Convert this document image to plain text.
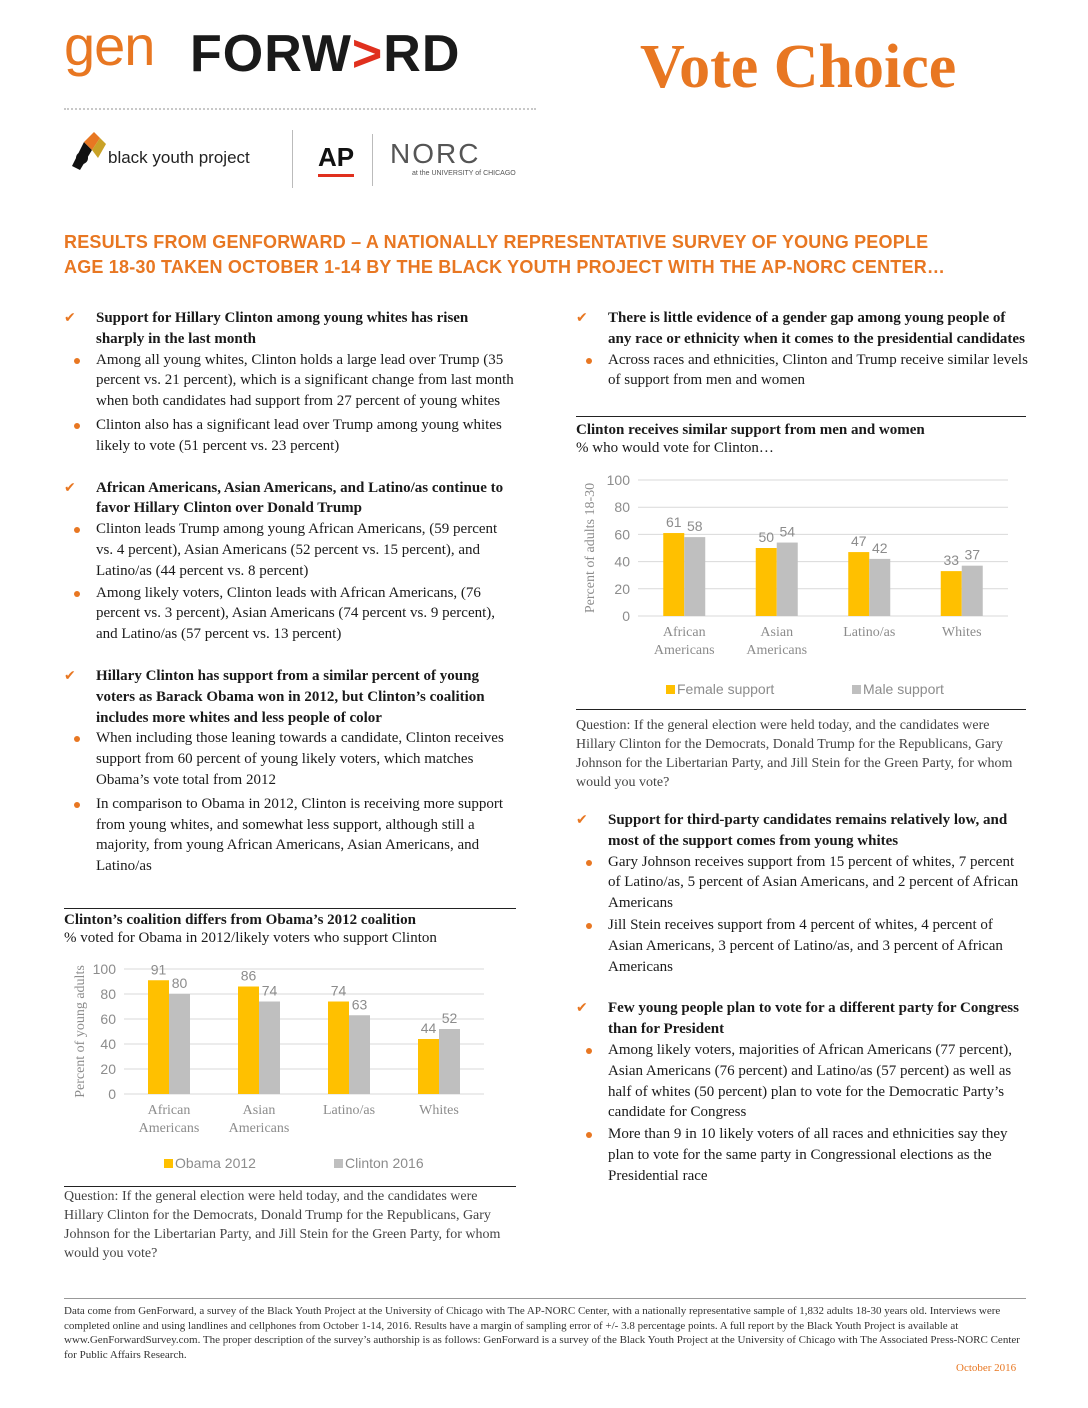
gen FORW>RD	Vote Choice
black youth project	AP NORC
at the UNIVERSITY of CHICAGO
RESULTS FROM GENFORWARD – A NATIONALLY REPRESENTATIVE SURVEY OF YOUNG PEOPLE
AGE 18-30 TAKEN OCTOBER 1-14 BY THE BLACK YOUTH PROJECT WITH THE AP-NORC CENTER…
✔ Support for Hillary Clinton among young whites has risen sharply in the last month
Among all young whites, Clinton holds a large lead over Trump (35 percent vs. 21 percent), which is a significant change from last month when both candidates had support from 27 percent of young whites
Clinton also has a significant lead over Trump among young whites likely to vote (51 percent vs. 23 percent)
✔ African Americans, Asian Americans, and Latino/as continue to favor Hillary Clinton over Donald Trump
Clinton leads Trump among young African Americans, (59 percent vs. 4 percent), Asian Americans (52 percent vs. 15 percent), and Latino/as (44 percent vs. 8 percent)
Among likely voters, Clinton leads with African Americans, (76 percent vs. 3 percent), Asian Americans (74 percent vs. 9 percent), and Latino/as (57 percent vs. 13 percent)
✔ Hillary Clinton has support from a similar percent of young voters as Barack Obama won in 2012, but Clinton’s coalition includes more whites and less people of color
When including those leaning towards a candidate, Clinton receives support from 60 percent of young likely voters, which matches Obama’s vote total from 2012
In comparison to Obama in 2012, Clinton is receiving more support from young whites, and somewhat less support, although still a majority, from young African Americans, Asian Americans, and Latino/as
Clinton’s coalition differs from Obama’s 2012 coalition
% voted for Obama in 2012/likely voters who support Clinton
0
20
40
60
80
100
Percent of young adults	91
80
African
Americans
86
74
Asian
Americans
74
63
Latino/as
44
52
Whites
Obama 2012	Clinton 2016
Question: If the general election were held today, and the candidates were Hillary Clinton for the Democrats, Donald Trump for the Republicans, Gary Johnson for the Libertarian Party, and Jill Stein for the Green Party, for whom would you vote?
✔ There is little evidence of a gender gap among young people of any race or ethnicity when it comes to the presidential candidates
Across races and ethnicities, Clinton and Trump receive similar levels of support from men and women
Clinton receives similar support from men and women
% who would vote for Clinton…
0
20
40
60
80
100
Percent of adults 18-30	61 58
African
Americans
50 54
Asian
Americans
47 42
Latino/as
33 37
Whites
Female support	Male support
Question: If the general election were held today, and the candidates were Hillary Clinton for the Democrats, Donald Trump for the Republicans, Gary Johnson for the Libertarian Party, and Jill Stein for the Green Party, for whom would you vote?
✔ Support for third-party candidates remains relatively low, and most of the support comes from young whites
Gary Johnson receives support from 15 percent of whites, 7 percent of Latino/as, 5 percent of Asian Americans, and 2 percent of African Americans
Jill Stein receives support from 4 percent of whites, 4 percent of Asian Americans, 3 percent of Latino/as, and 3 percent of African Americans
✔ Few young people plan to vote for a different party for Congress than for President
Among likely voters, majorities of African Americans (77 percent), Asian Americans (76 percent) and Latino/as (57 percent) as well as half of whites (50 percent) plan to vote for the Democratic Party’s candidate for Congress
More than 9 in 10 likely voters of all races and ethnicities say they plan to vote for the same party in Congressional elections as the Presidential race
Data come from GenForward, a survey of the Black Youth Project at the University of Chicago with The AP-NORC Center, with a nationally representative sample of 1,832 adults 18-30 years old. Interviews were completed online and using landlines and cellphones from October 1-14, 2016. Results have a margin of sampling error of +/- 3.8 percentage points. A full report by the Black Youth Project is available at www.GenForwardSurvey.com. The proper description of the survey’s authorship is as follows: GenForward is a survey of the Black Youth Project at the University of Chicago with The Associated Press-NORC Center for Public Affairs Research.
October 2016
